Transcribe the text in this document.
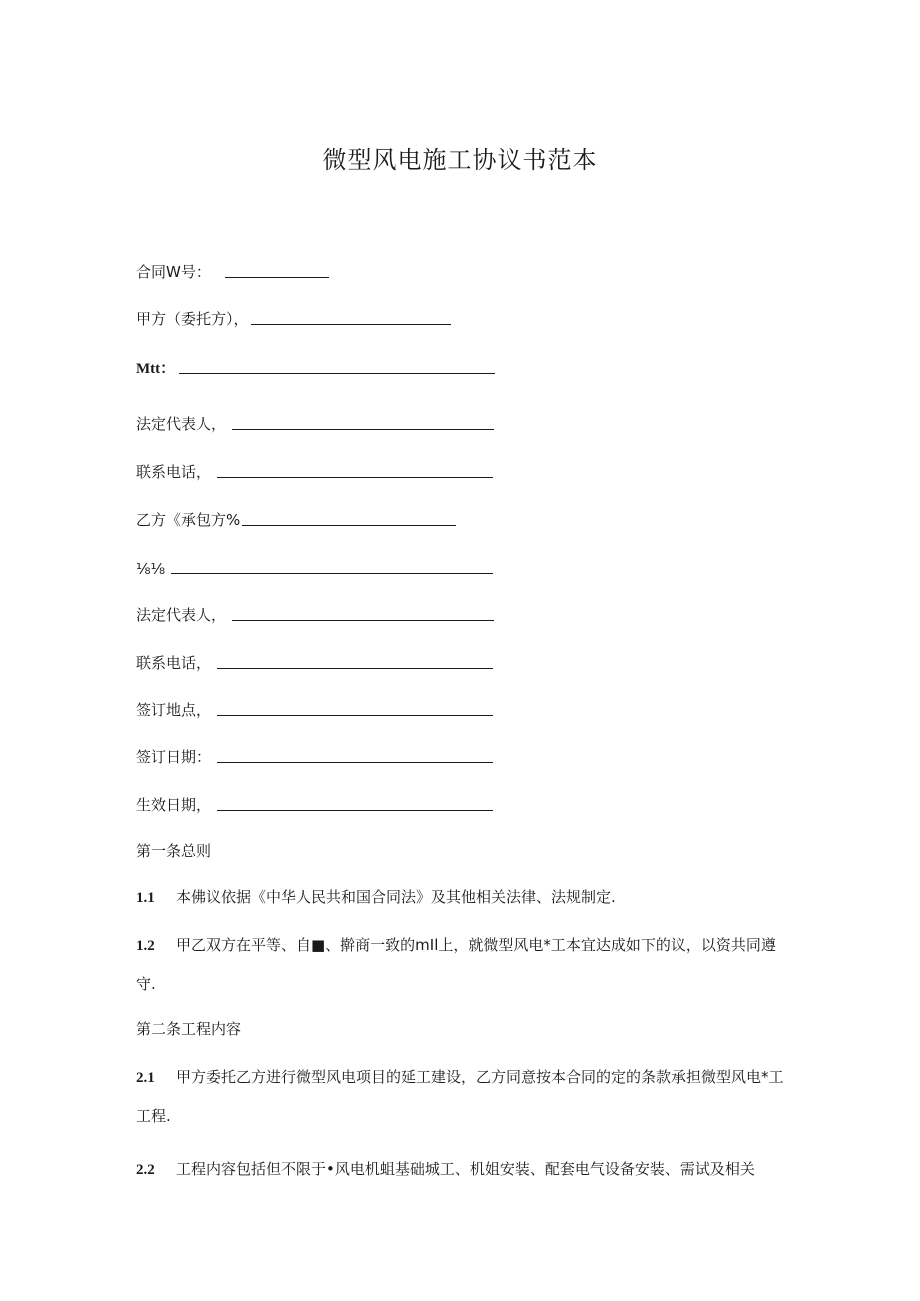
微型风电施工协议书范本
合同W号：
甲方（委托方），
Mtt：
法定代表人，
联系电话，
乙方《承包方%
⅛⅛
法定代表人，
联系电话，
签订地点，
签订日期：
生效日期，
第一条总则
1.1 本佛议依据《中华人民共和国合同法》及其他相关法律、法规制定.
1.2 甲乙双方在平等、自■、擀商一致的mIl上，就微型风电*工本宜达成如下的议，以资共同遵守.
第二条工程内容
2.1 甲方委托乙方进行微型风电项目的延工建设，乙方同意按本合同的定的条款承担微型风电*工工程.
2.2 工程内容包括但不限于•风电机蛆基础城工、机姐安装、配套电气设备安装、需试及相关
